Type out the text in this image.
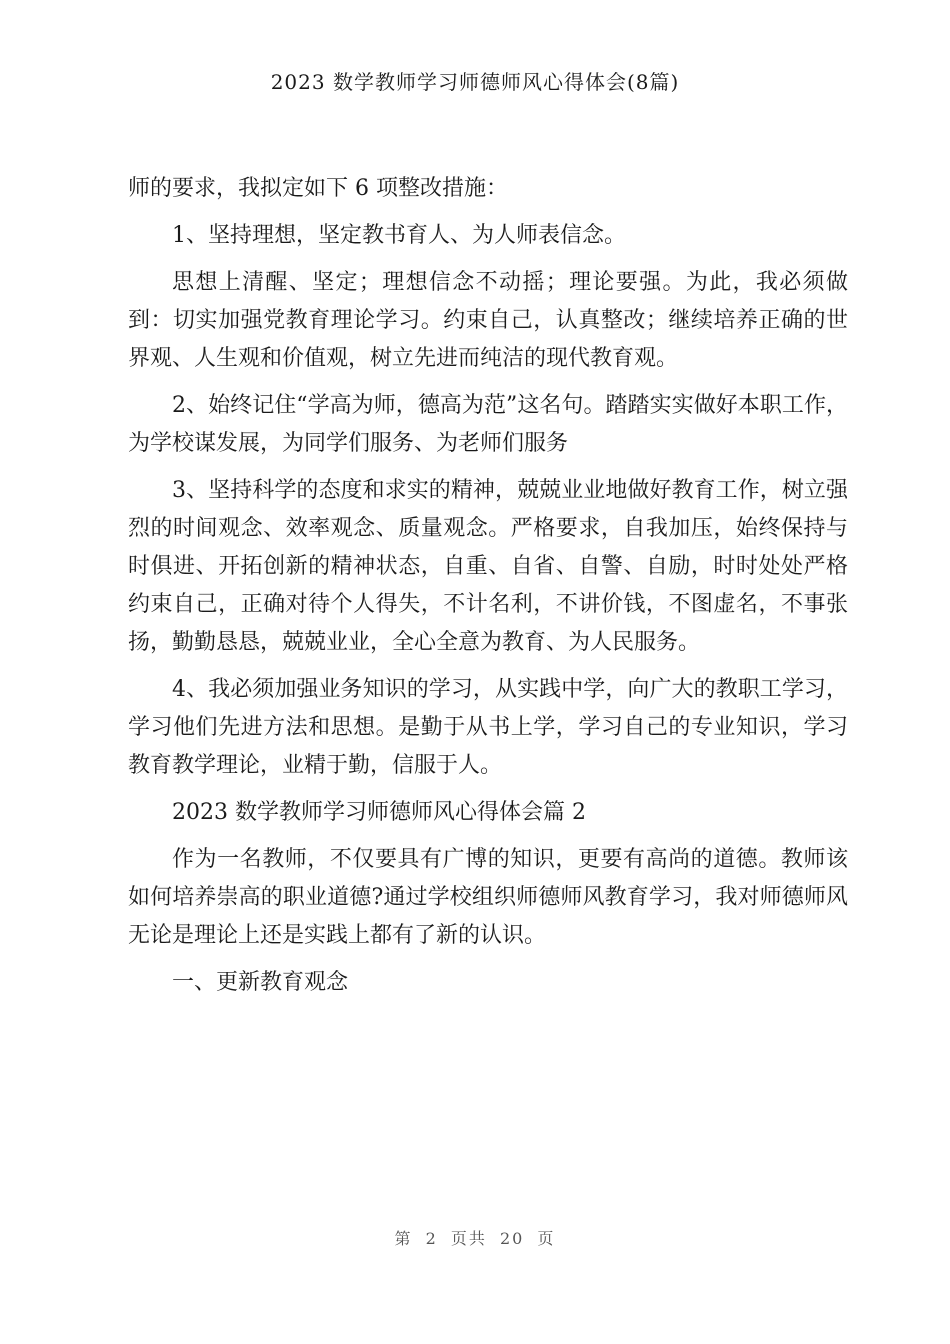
2023 数学教师学习师德师风心得体会(8篇)

师的要求，我拟定如下 6 项整改措施：

1、坚持理想，坚定教书育人、为人师表信念。

思想上清醒、坚定；理想信念不动摇；理论要强。为此，我必须做到：切实加强党教育理论学习。约束自己，认真整改；继续培养正确的世界观、人生观和价值观，树立先进而纯洁的现代教育观。

2、始终记住“学高为师，德高为范”这名句。踏踏实实做好本职工作，为学校谋发展，为同学们服务、为老师们服务

3、坚持科学的态度和求实的精神，兢兢业业地做好教育工作，树立强烈的时间观念、效率观念、质量观念。严格要求，自我加压，始终保持与时俱进、开拓创新的精神状态，自重、自省、自警、自励，时时处处严格约束自己，正确对待个人得失，不计名利，不讲价钱，不图虚名，不事张扬，勤勤恳恳，兢兢业业，全心全意为教育、为人民服务。

4、我必须加强业务知识的学习，从实践中学，向广大的教职工学习，学习他们先进方法和思想。是勤于从书上学，学习自己的专业知识，学习教育教学理论，业精于勤，信服于人。

2023 数学教师学习师德师风心得体会篇 2

作为一名教师，不仅要具有广博的知识，更要有高尚的道德。教师该如何培养崇高的职业道德?通过学校组织师德师风教育学习，我对师德师风无论是理论上还是实践上都有了新的认识。

一、更新教育观念

第 2 页共 20 页
